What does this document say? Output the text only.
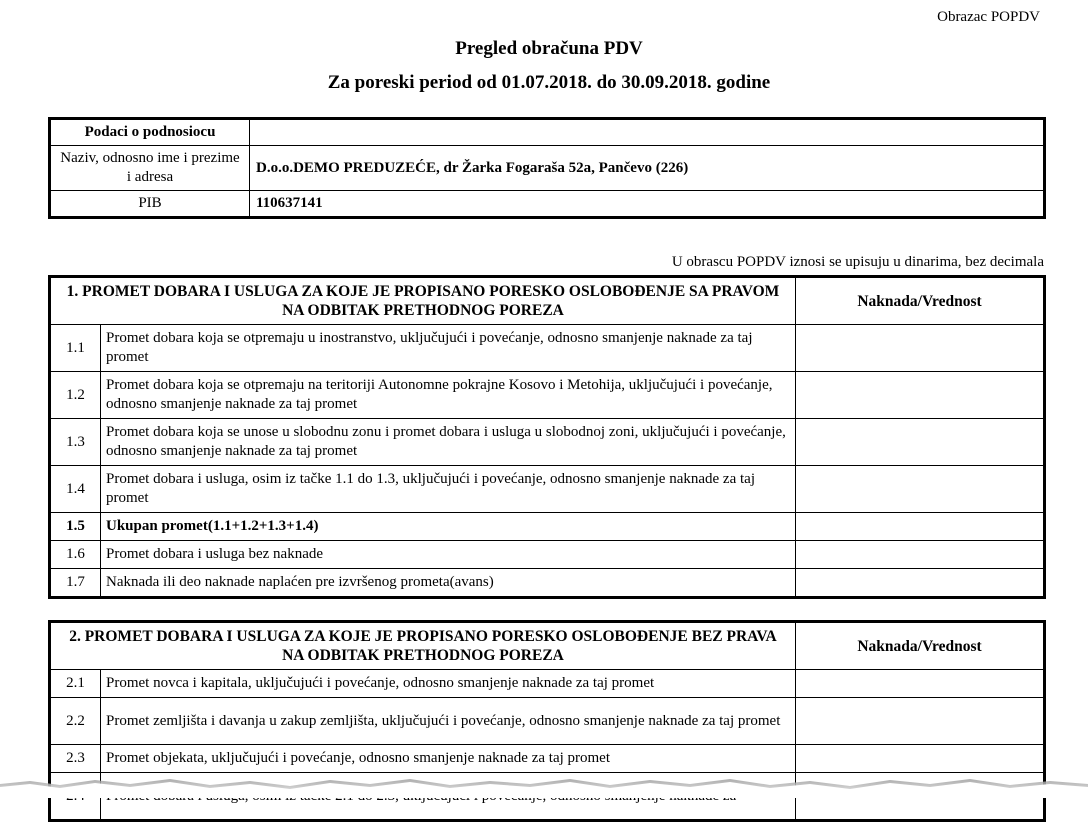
Obrazac POPDV
Pregled obračuna PDV
Za poreski period od 01.07.2018. do 30.09.2018. godine
Podaci o podnosiocu	
Naziv, odnosno ime i prezime i adresa	D.o.o.DEMO PREDUZEĆE, dr Žarka Fogaraša 52a, Pančevo (226)
PIB	110637141
U obrascu POPDV iznosi se upisuju u dinarima, bez decimala
1. PROMET DOBARA I USLUGA ZA KOJE JE PROPISANO PORESKO OSLOBOĐENJE SA PRAVOM NA ODBITAK PRETHODNOG POREZA		Naknada/Vrednost
1.1	Promet dobara koja se otpremaju u inostranstvo, uključujući i povećanje, odnosno smanjenje naknade za taj promet	
1.2	Promet dobara koja se otpremaju na teritoriji Autonomne pokrajne Kosovo i Metohija, uključujući i povećanje, odnosno smanjenje naknade za taj promet	
1.3	Promet dobara koja se unose u slobodnu zonu i promet dobara i usluga u slobodnoj zoni, uključujući i povećanje, odnosno smanjenje naknade za taj promet	
1.4	Promet dobara i usluga, osim iz tačke 1.1 do 1.3, uključujući i povećanje, odnosno smanjenje naknade za taj promet	
1.5	Ukupan promet(1.1+1.2+1.3+1.4)	
1.6	Promet dobara i usluga bez naknade	
1.7	Naknada ili deo naknade naplaćen pre izvršenog prometa(avans)	
2. PROMET DOBARA I USLUGA ZA KOJE JE PROPISANO PORESKO OSLOBOĐENJE BEZ PRAVA NA ODBITAK PRETHODNOG POREZA		Naknada/Vrednost
2.1	Promet novca i kapitala, uključujući i povećanje, odnosno smanjenje naknade za taj promet	
2.2	Promet zemljišta i davanja u zakup zemljišta, uključujući i povećanje, odnosno smanjenje naknade za taj promet	
2.3	Promet objekata, uključujući i povećanje, odnosno smanjenje naknade za taj promet	
